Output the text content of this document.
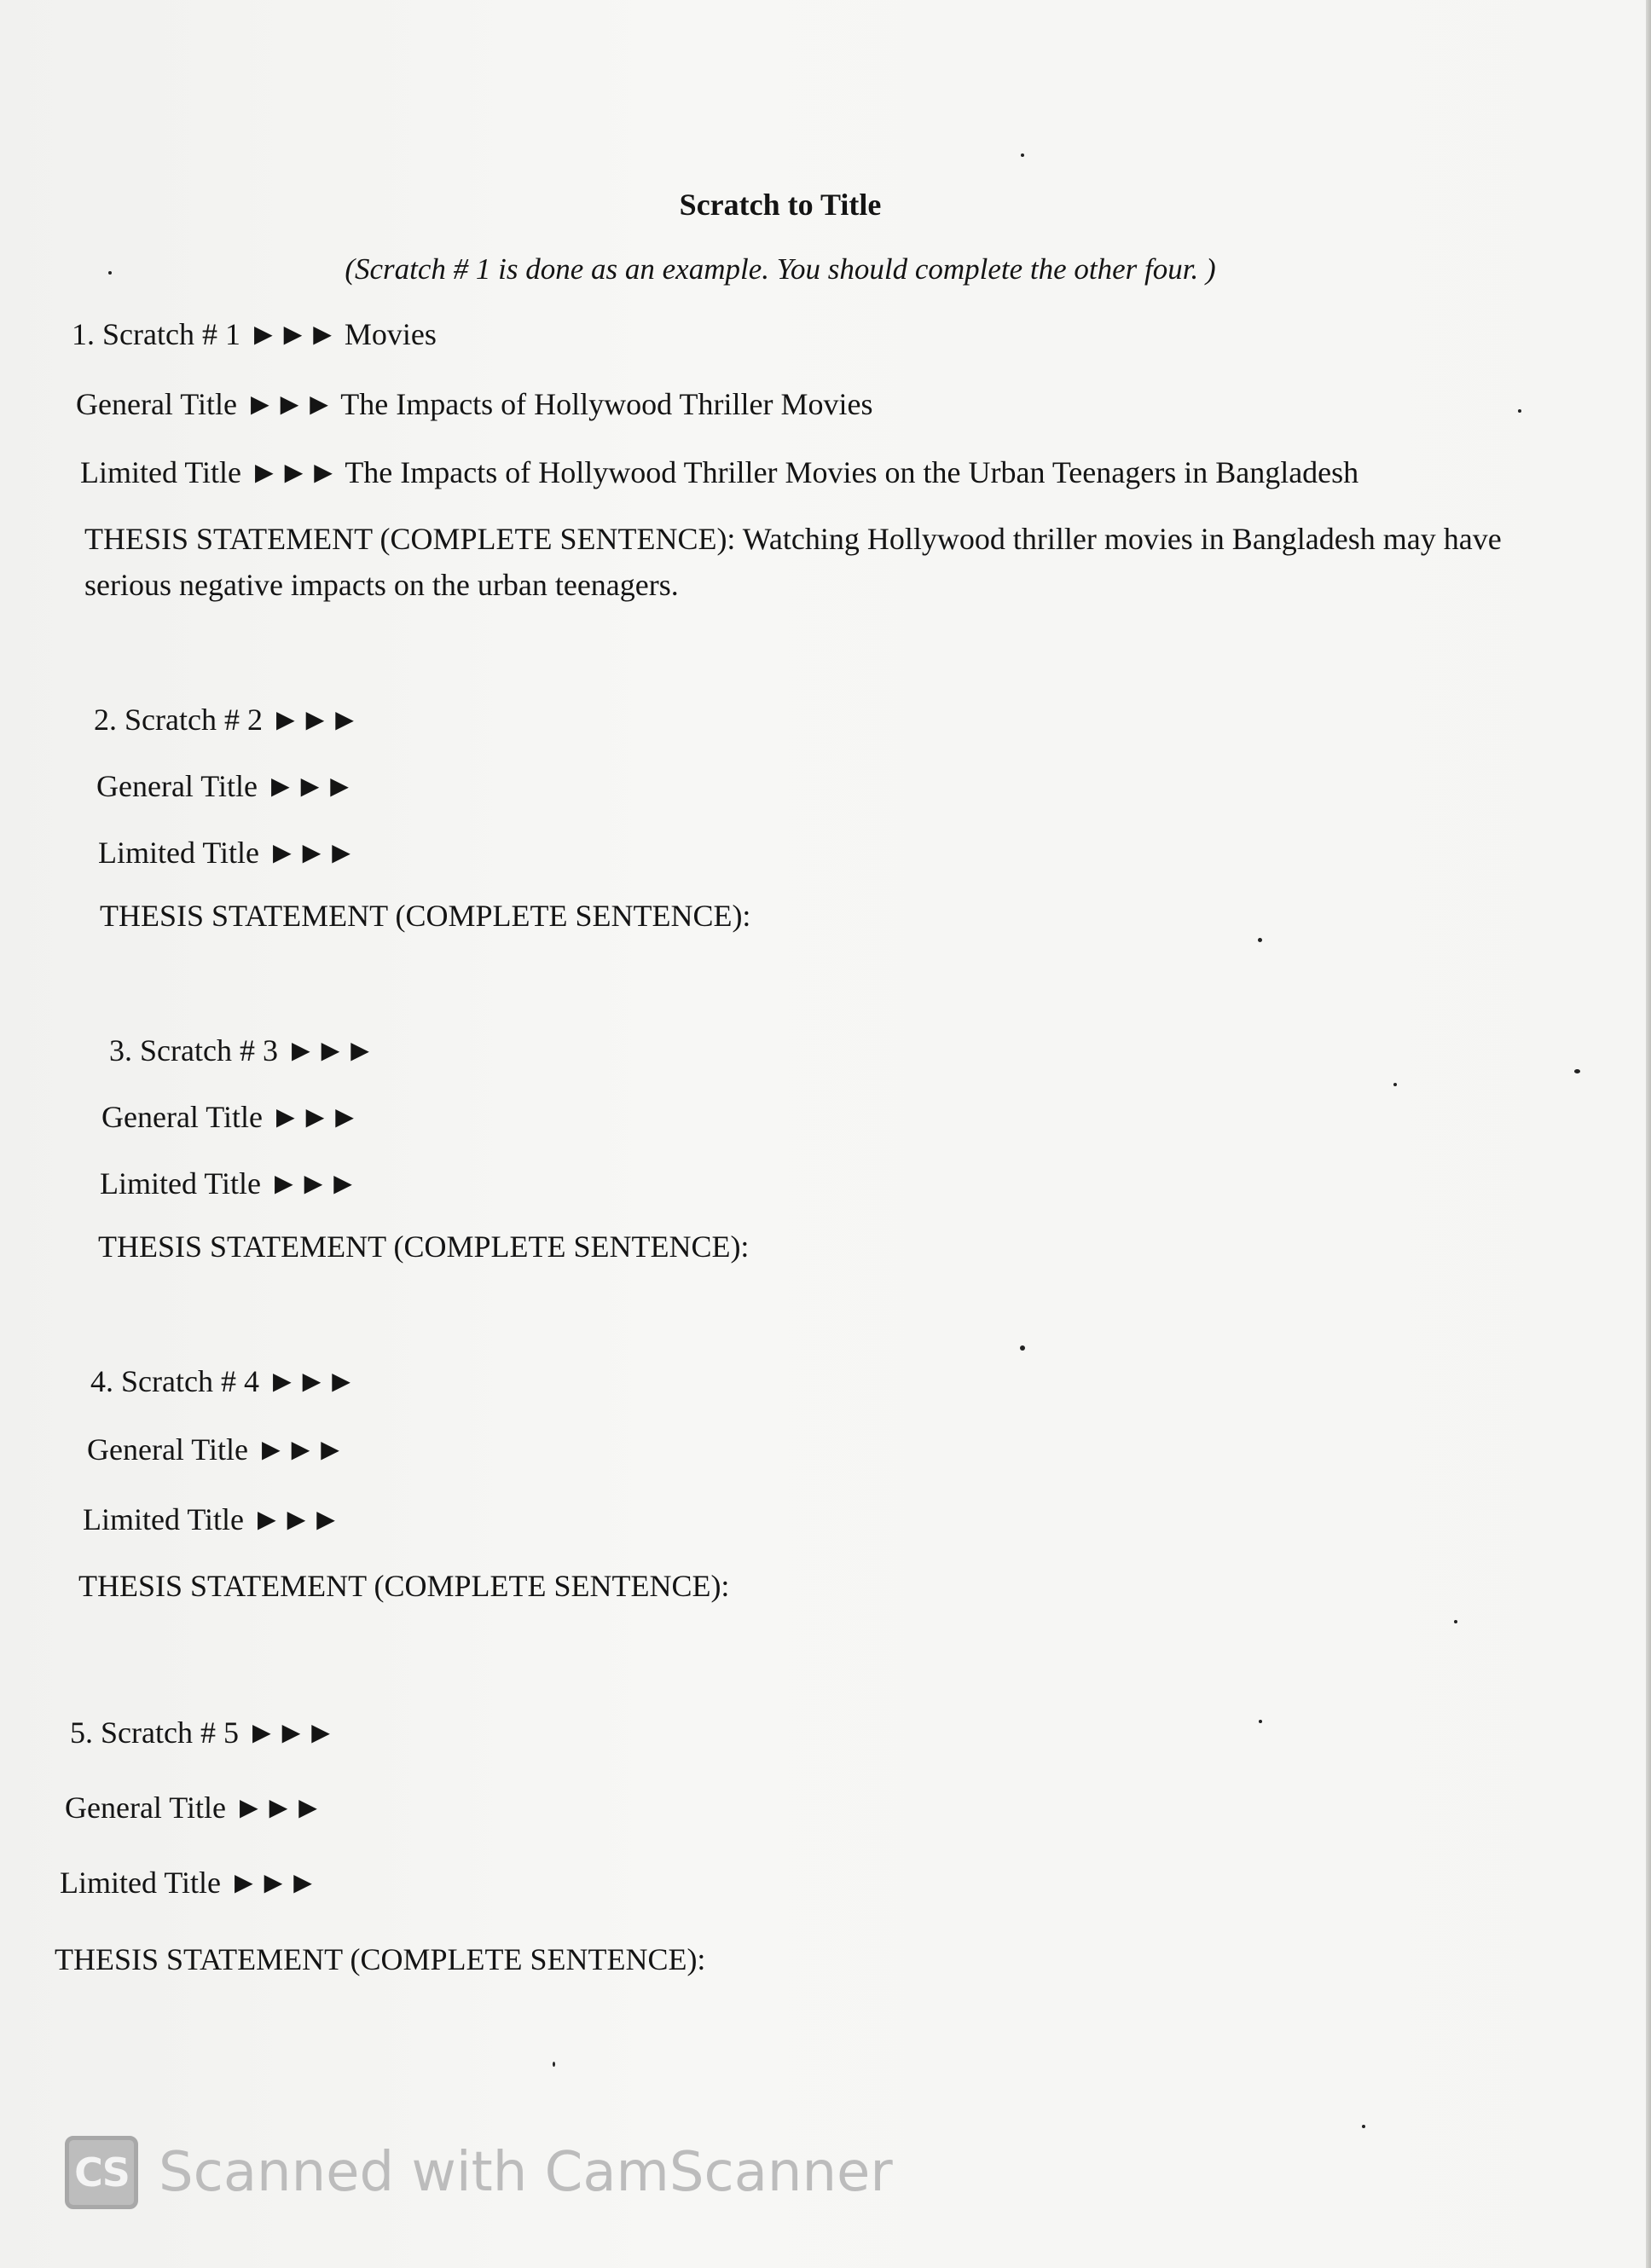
Scratch to Title
(Scratch # 1 is done as an example. You should complete the other four. )
1. Scratch # 1 ►►► Movies
General Title ►►► The Impacts of Hollywood Thriller Movies
Limited Title ►►► The Impacts of Hollywood Thriller Movies on the Urban Teenagers in Bangladesh
THESIS STATEMENT (COMPLETE SENTENCE): Watching Hollywood thriller movies in Bangladesh may have serious negative impacts on the urban teenagers.
2. Scratch # 2 ►►►
General Title ►►►
Limited Title ►►►
THESIS STATEMENT (COMPLETE SENTENCE):
3. Scratch # 3 ►►►
General Title ►►►
Limited Title ►►►
THESIS STATEMENT (COMPLETE SENTENCE):
4. Scratch # 4 ►►►
General Title ►►►
Limited Title ►►►
THESIS STATEMENT (COMPLETE SENTENCE):
5. Scratch # 5 ►►►
General Title ►►►
Limited Title ►►►
THESIS STATEMENT (COMPLETE SENTENCE):
CS Scanned with CamScanner
